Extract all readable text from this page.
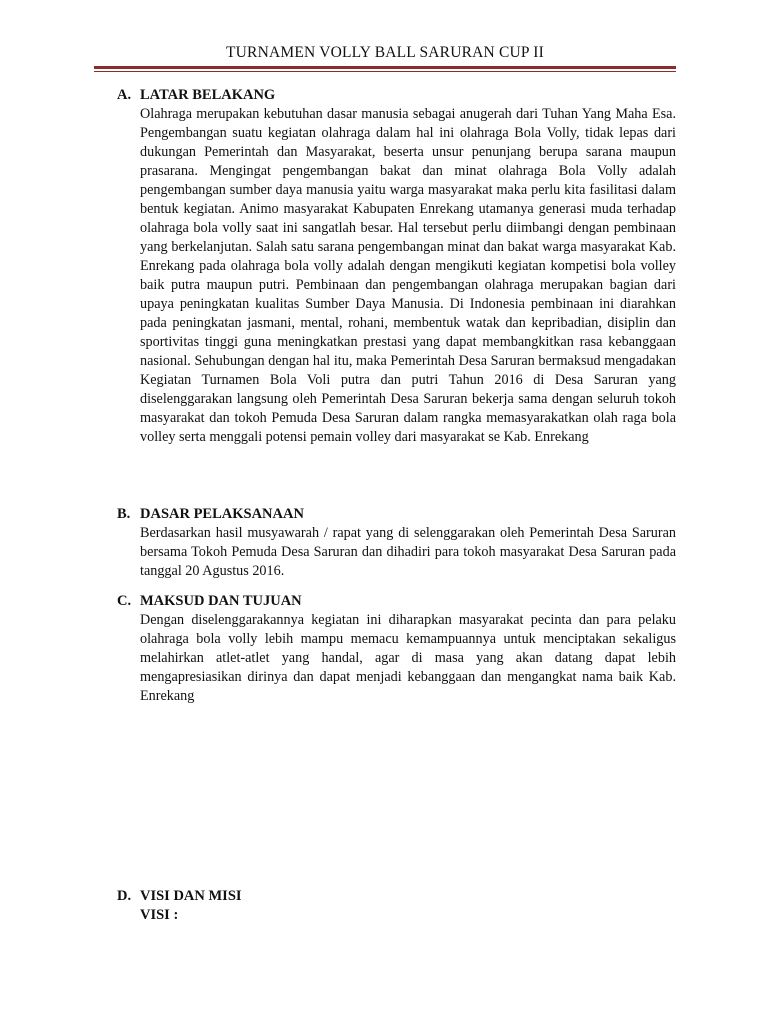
TURNAMEN VOLLY BALL SARURAN CUP II
A. LATAR BELAKANG
Olahraga merupakan kebutuhan dasar manusia sebagai anugerah dari Tuhan Yang Maha Esa. Pengembangan suatu kegiatan olahraga dalam hal ini olahraga Bola Volly, tidak lepas dari dukungan Pemerintah dan Masyarakat, beserta unsur penunjang berupa sarana maupun prasarana. Mengingat pengembangan bakat dan minat olahraga Bola Volly adalah pengembangan sumber daya manusia yaitu warga masyarakat maka perlu kita fasilitasi dalam bentuk kegiatan. Animo masyarakat Kabupaten Enrekang utamanya generasi muda terhadap olahraga bola volly saat ini sangatlah besar. Hal tersebut perlu diimbangi dengan pembinaan yang berkelanjutan. Salah satu sarana pengembangan minat dan bakat warga masyarakat Kab. Enrekang pada olahraga bola volly adalah dengan mengikuti kegiatan kompetisi bola volley baik putra maupun putri. Pembinaan dan pengembangan olahraga merupakan bagian dari upaya peningkatan kualitas Sumber Daya Manusia. Di Indonesia pembinaan ini diarahkan pada peningkatan jasmani, mental, rohani, membentuk watak dan kepribadian, disiplin dan sportivitas tinggi guna meningkatkan prestasi yang dapat membangkitkan rasa kebanggaan nasional. Sehubungan dengan hal itu, maka Pemerintah Desa Saruran bermaksud mengadakan Kegiatan Turnamen Bola Voli putra dan putri Tahun 2016 di Desa Saruran yang diselenggarakan langsung oleh Pemerintah Desa Saruran bekerja sama dengan seluruh tokoh masyarakat dan tokoh Pemuda Desa Saruran dalam rangka memasyarakatkan olah raga bola volley serta menggali potensi pemain volley dari masyarakat se Kab. Enrekang
B. DASAR PELAKSANAAN
Berdasarkan hasil musyawarah / rapat yang di selenggarakan oleh Pemerintah Desa Saruran bersama Tokoh Pemuda Desa Saruran dan dihadiri para tokoh masyarakat Desa Saruran pada tanggal 20 Agustus 2016.
C. MAKSUD DAN TUJUAN
Dengan diselenggarakannya kegiatan ini diharapkan masyarakat pecinta dan para pelaku olahraga bola volly lebih mampu memacu kemampuannya untuk menciptakan sekaligus melahirkan atlet-atlet yang handal, agar di masa yang akan datang dapat lebih mengapresiasikan dirinya dan dapat menjadi kebanggaan dan mengangkat nama baik Kab. Enrekang
D. VISI DAN MISI
VISI :
